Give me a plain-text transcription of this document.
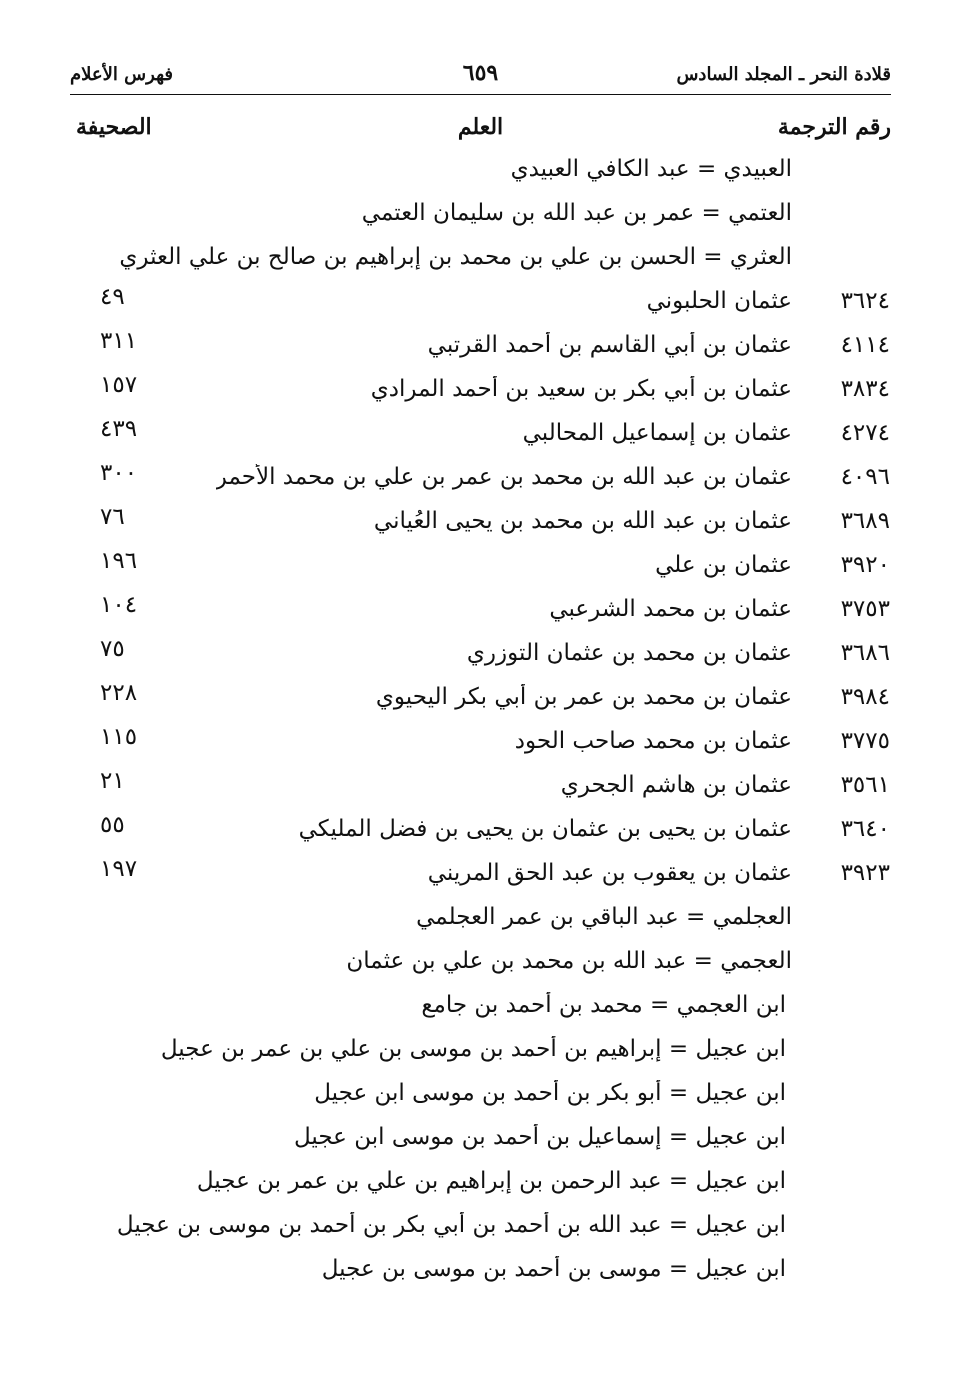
قلادة النحر ـ المجلد السادس
٦٥٩
فهرس الأعلام
رقم الترجمة
العلم
الصحيفة
العبيدي = عبد الكافي العبيدي
العتمي = عمر بن عبد الله بن سليمان العتمي
العثري = الحسن بن علي بن محمد بن إبراهيم بن صالح بن علي العثري
٣٦٢٤
عثمان الحلبوني
٤٩
٤١١٤
عثمان بن أبي القاسم بن أحمد القرتبي
٣١١
٣٨٣٤
عثمان بن أبي بكر بن سعيد بن أحمد المرادي
١٥٧
٤٢٧٤
عثمان بن إسماعيل المحالبي
٤٣٩
٤٠٩٦
عثمان بن عبد الله بن محمد بن عمر بن علي بن محمد الأحمر
٣٠٠
٣٦٨٩
عثمان بن عبد الله بن محمد بن يحيى العُياني
٧٦
٣٩٢٠
عثمان بن علي
١٩٦
٣٧٥٣
عثمان بن محمد الشرعبي
١٠٤
٣٦٨٦
عثمان بن محمد بن عثمان التوزري
٧٥
٣٩٨٤
عثمان بن محمد بن عمر بن أبي بكر اليحيوي
٢٢٨
٣٧٧٥
عثمان بن محمد صاحب الحود
١١٥
٣٥٦١
عثمان بن هاشم الجحري
٢١
٣٦٤٠
عثمان بن يحيى بن عثمان بن يحيى بن فضل المليكي
٥٥
٣٩٢٣
عثمان بن يعقوب بن عبد الحق المريني
١٩٧
العجلمي = عبد الباقي بن عمر العجلمي
العجمي = عبد الله بن محمد بن علي بن عثمان
ابن العجمي = محمد بن أحمد بن جامع
ابن عجيل = إبراهيم بن أحمد بن موسى بن علي بن عمر بن عجيل
ابن عجيل = أبو بكر بن أحمد بن موسى ابن عجيل
ابن عجيل = إسماعيل بن أحمد بن موسى ابن عجيل
ابن عجيل = عبد الرحمن بن إبراهيم بن علي بن عمر بن عجيل
ابن عجيل = عبد الله بن أحمد بن أبي بكر بن أحمد بن موسى بن عجيل
ابن عجيل = موسى بن أحمد بن موسى بن عجيل
